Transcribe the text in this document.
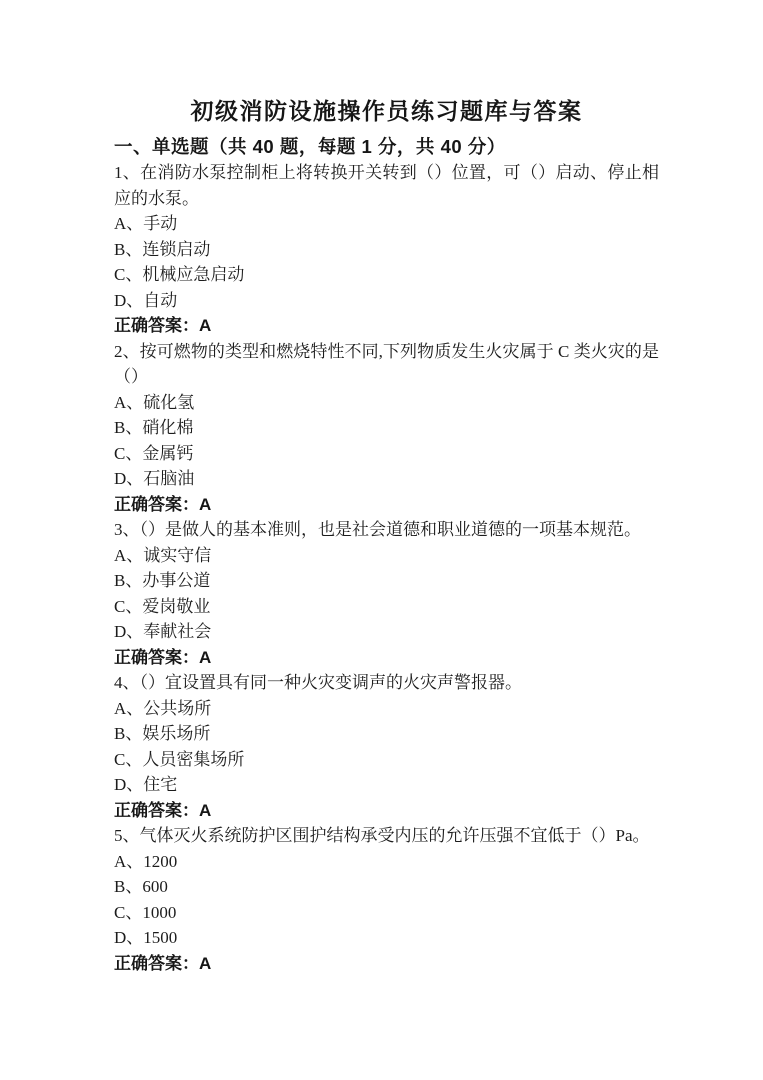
初级消防设施操作员练习题库与答案
一、单选题（共 40 题，每题 1 分，共 40 分）

1、在消防水泵控制柜上将转换开关转到（）位置，可（）启动、停止相应的水泵。

A、手动

B、连锁启动

C、机械应急启动

D、自动

正确答案：A

2、按可燃物的类型和燃烧特性不同,下列物质发生火灾属于 C 类火灾的是（）

A、硫化氢

B、硝化棉

C、金属钙

D、石脑油

正确答案：A

3、（）是做人的基本准则，也是社会道德和职业道德的一项基本规范。

A、诚实守信

B、办事公道

C、爱岗敬业

D、奉献社会

正确答案：A

4、（）宜设置具有同一种火灾变调声的火灾声警报器。

A、公共场所

B、娱乐场所

C、人员密集场所

D、住宅

正确答案：A

5、气体灭火系统防护区围护结构承受内压的允许压强不宜低于（）Pa。

A、1200

B、600

C、1000

D、1500

正确答案：A
